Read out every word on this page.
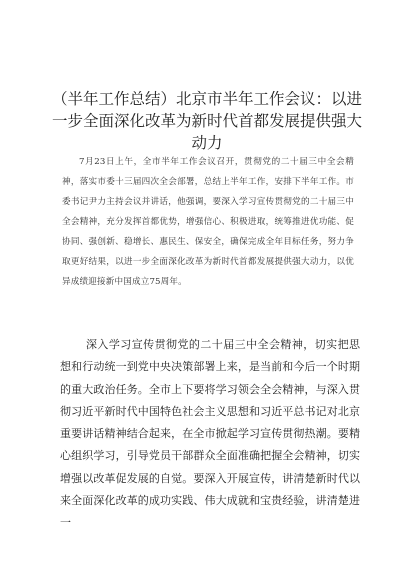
（半年工作总结）北京市半年工作会议：以进一步全面深化改革为新时代首都发展提供强大动力

7月23日上午，全市半年工作会议召开，贯彻党的二十届三中全会精神，落实市委十三届四次全会部署，总结上半年工作，安排下半年工作。市委书记尹力主持会议并讲话，他强调，要深入学习宣传贯彻党的二十届三中全会精神，充分发挥首都优势，增强信心、积极进取，统筹推进优功能、促协同、强创新、稳增长、惠民生、保安全，确保完成全年目标任务，努力争取更好结果，以进一步全面深化改革为新时代首都发展提供强大动力，以优异成绩迎接新中国成立75周年。

深入学习宣传贯彻党的二十届三中全会精神，切实把思想和行动统一到党中央决策部署上来，是当前和今后一个时期的重大政治任务。全市上下要将学习领会全会精神，与深入贯彻习近平新时代中国特色社会主义思想和习近平总书记对北京重要讲话精神结合起来，在全市掀起学习宣传贯彻热潮。要精心组织学习，引导党员干部群众全面准确把握全会精神，切实增强以改革促发展的自觉。要深入开展宣传，讲清楚新时代以来全面深化改革的成功实践、伟大成就和宝贵经验，讲清楚进一
